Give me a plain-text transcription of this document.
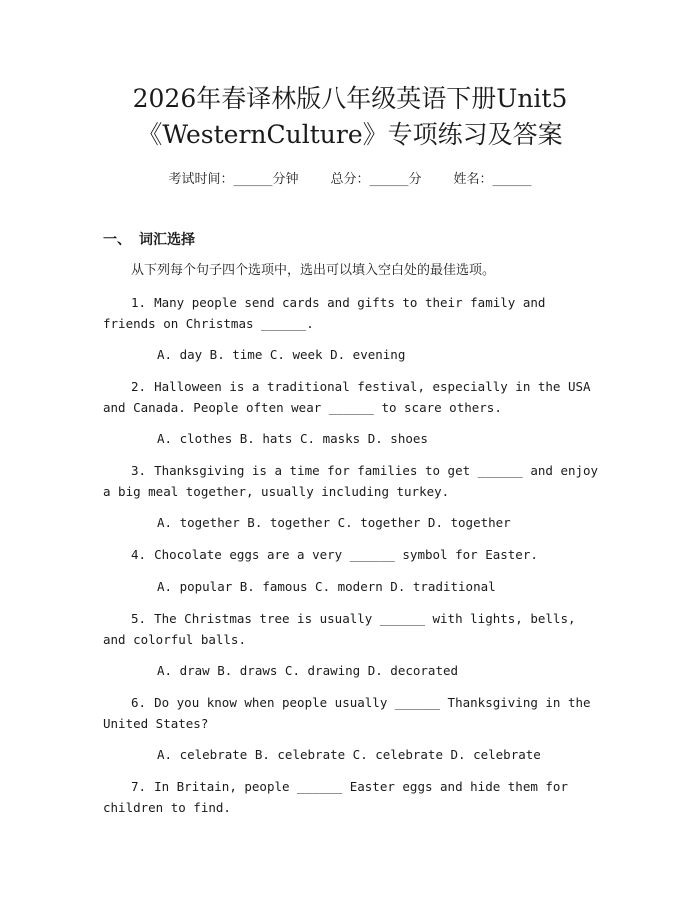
2026年春译林版八年级英语下册Unit5
《WesternCulture》专项练习及答案
考试时间：______分钟 总分：______分 姓名：______
一、 词汇选择
从下列每个句子四个选项中，选出可以填入空白处的最佳选项。

1. Many people send cards and gifts to their family and friends on Christmas ______.

A. day B. time C. week D. evening

2. Halloween is a traditional festival, especially in the USA and Canada. People often wear ______ to scare others.

A. clothes B. hats C. masks D. shoes

3. Thanksgiving is a time for families to get ______ and enjoy a big meal together, usually including turkey.

A. together B. together C. together D. together

4. Chocolate eggs are a very ______ symbol for Easter.

A. popular B. famous C. modern D. traditional

5. The Christmas tree is usually ______ with lights, bells, and colorful balls.

A. draw B. draws C. drawing D. decorated

6. Do you know when people usually ______ Thanksgiving in the United States?

A. celebrate B. celebrate C. celebrate D. celebrate

7. In Britain, people ______ Easter eggs and hide them for children to find.
